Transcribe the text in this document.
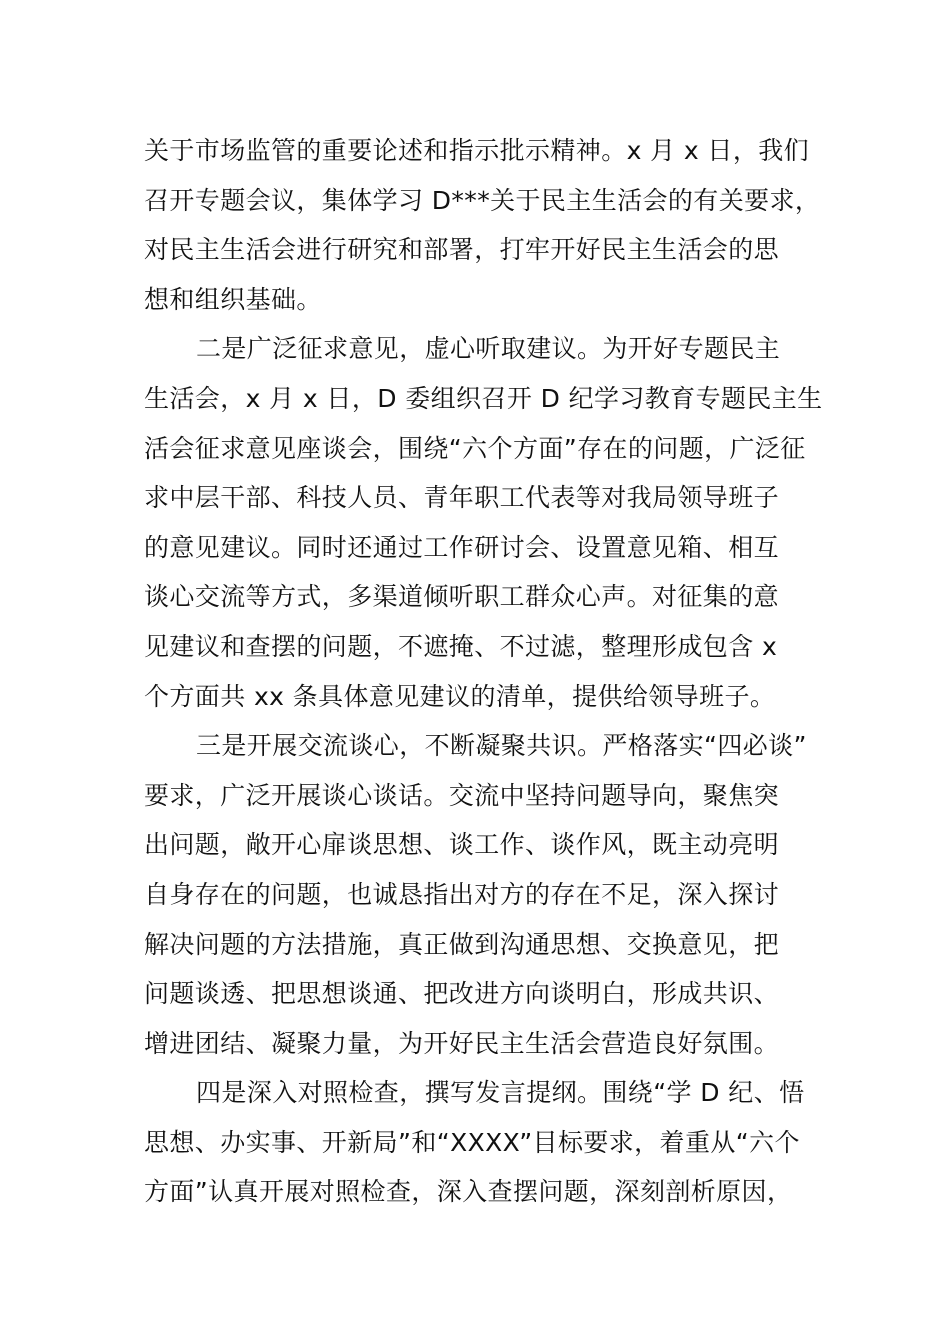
关于市场监管的重要论述和指示批示精神。x 月 x 日，我们
召开专题会议，集体学习 D***关于民主生活会的有关要求，
对民主生活会进行研究和部署，打牢开好民主生活会的思
想和组织基础。
二是广泛征求意见，虚心听取建议。为开好专题民主
生活会，x 月 x 日，D 委组织召开 D 纪学习教育专题民主生
活会征求意见座谈会，围绕“六个方面”存在的问题，广泛征
求中层干部、科技人员、青年职工代表等对我局领导班子
的意见建议。同时还通过工作研讨会、设置意见箱、相互
谈心交流等方式，多渠道倾听职工群众心声。对征集的意
见建议和查摆的问题，不遮掩、不过滤，整理形成包含 x
个方面共 xx 条具体意见建议的清单，提供给领导班子。
三是开展交流谈心，不断凝聚共识。严格落实“四必谈”
要求，广泛开展谈心谈话。交流中坚持问题导向，聚焦突
出问题，敞开心扉谈思想、谈工作、谈作风，既主动亮明
自身存在的问题，也诚恳指出对方的存在不足，深入探讨
解决问题的方法措施，真正做到沟通思想、交换意见，把
问题谈透、把思想谈通、把改进方向谈明白，形成共识、
增进团结、凝聚力量，为开好民主生活会营造良好氛围。
四是深入对照检查，撰写发言提纲。围绕“学 D 纪、悟
思想、办实事、开新局”和“XXXX”目标要求，着重从“六个
方面”认真开展对照检查，深入查摆问题，深刻剖析原因，
